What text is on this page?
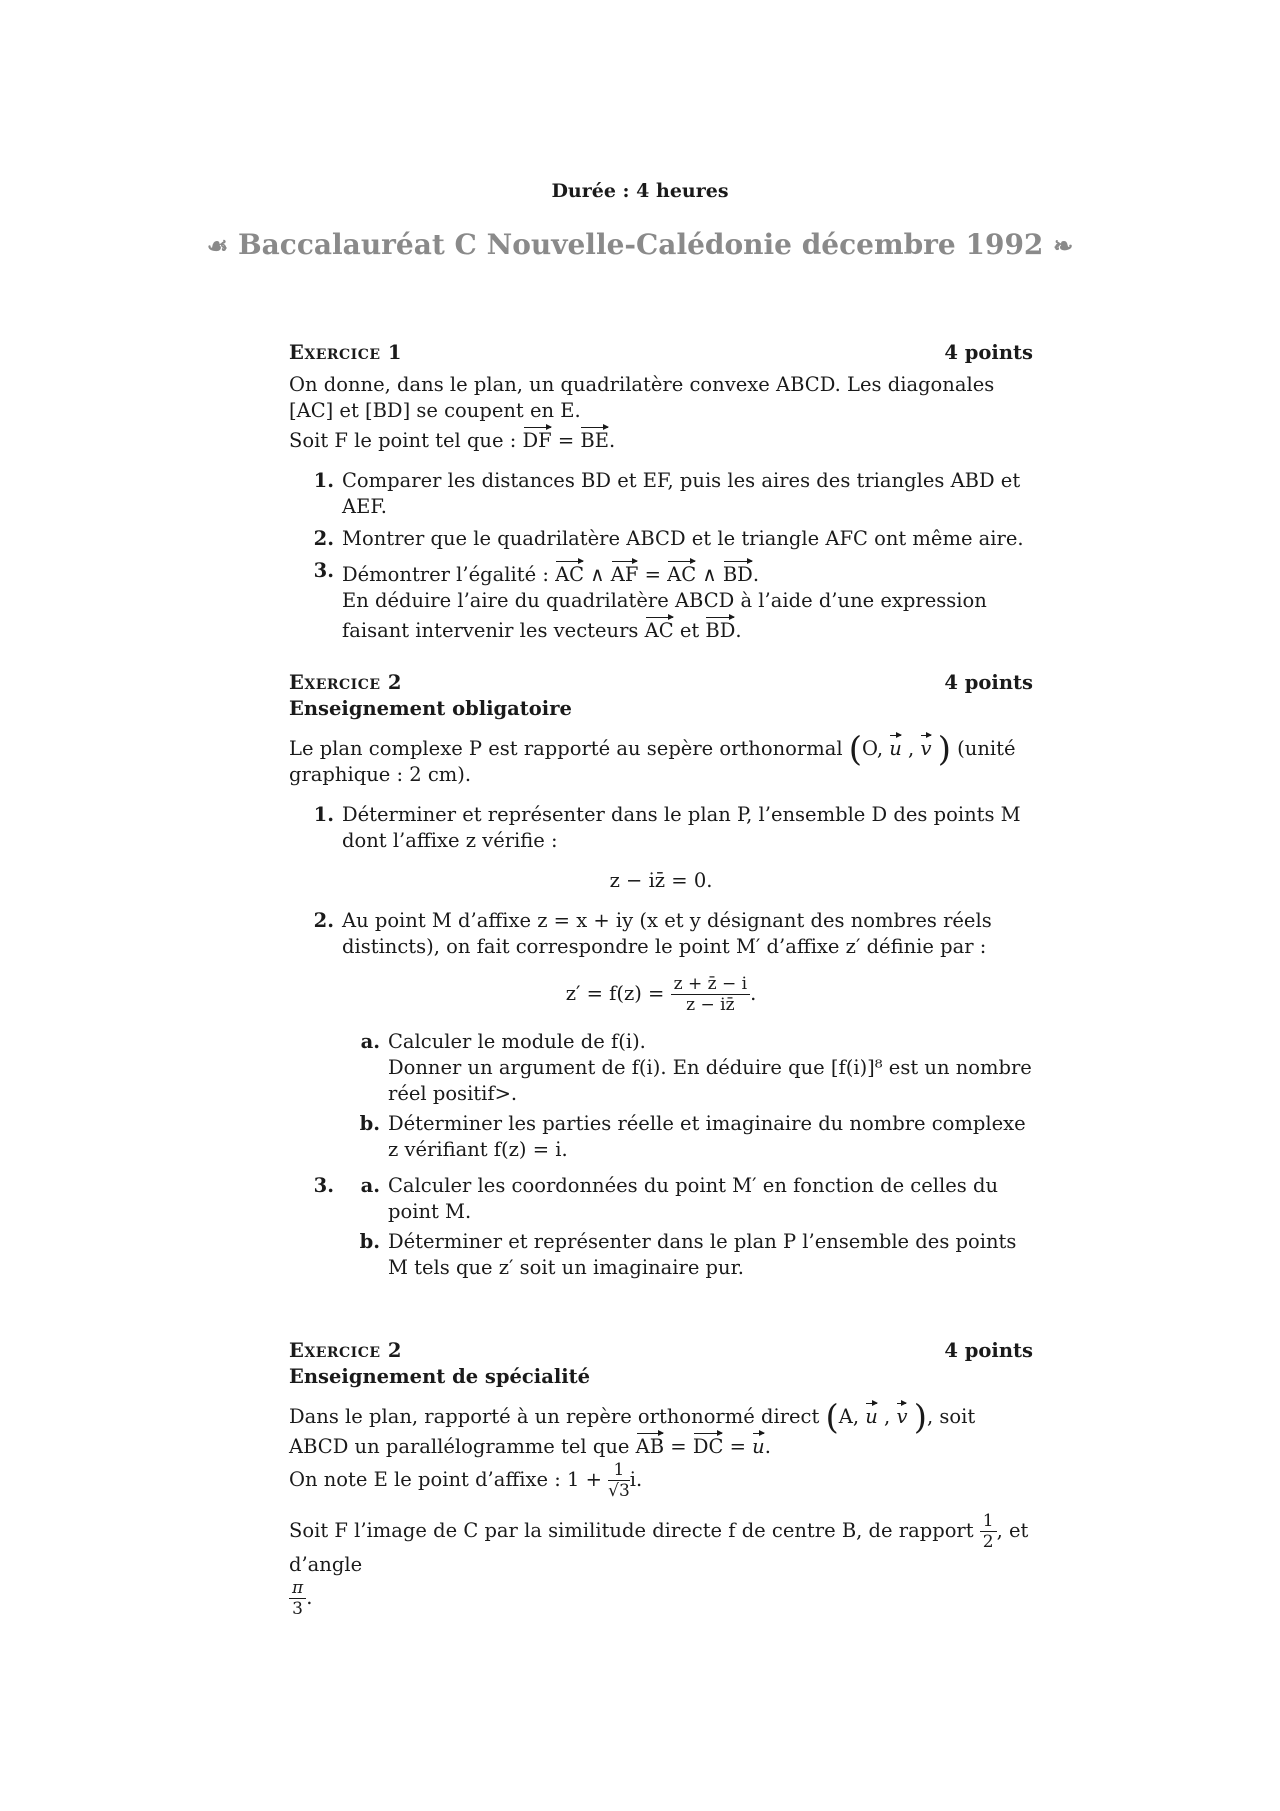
Durée : 4 heures
☙ Baccalauréat C Nouvelle-Calédonie décembre 1992 ❧
Exercice 1	4 points

On donne, dans le plan, un quadrilatère convexe ABCD. Les diagonales [AC] et [BD] se coupent en E.

Soit F le point tel que : DF = BE.

1. Comparer les distances BD et EF, puis les aires des triangles ABD et AEF.
2. Montrer que le quadrilatère ABCD et le triangle AFC ont même aire.
3. Démontrer l’égalité : AC ∧ AF = AC ∧ BD.
En déduire l’aire du quadrilatère ABCD à l’aide d’une expression faisant intervenir les vecteurs AC et BD.
Exercice 2	4 points
Enseignement obligatoire

Le plan complexe P est rapporté au sepère orthonormal (O, u , v ) (unité graphique : 2 cm).

1. Déterminer et représenter dans le plan P, l’ensemble D des points M dont l’affixe z vérifie :
z − iz̄ = 0.
2. Au point M d’affixe z = x + iy (x et y désignant des nombres réels distincts), on fait correspondre le point M′ d’affixe z′ définie par :
$z' = f(z) = \frac{z + z̄ - i}{z - iz̄}$ .
a. Calculer le module de f(i).
Donner un argument de f(i). En déduire que [f(i)]⁸ est un nombre réel positif>.
b. Déterminer les parties réelle et imaginaire du nombre complexe z vérifiant f(z) = i.
3.	a. Calculer les coordonnées du point M′ en fonction de celles du point M.
b. Déterminer et représenter dans le plan P l’ensemble des points M tels que z′ soit un imaginaire pur.
Exercice 2	4 points
Enseignement de spécialité

Dans le plan, rapporté à un repère orthonormé direct (A, u , v ), soit ABCD un parallélogramme tel que AB = DC = u.

On note E le point d’affixe : $1 + \frac{1}{√3} i$.

Soit F l’image de C par la similitude directe f de centre B, de rapport $\frac{1}{2}$ , et d’angle

$\frac{\pi}{3}$ .
